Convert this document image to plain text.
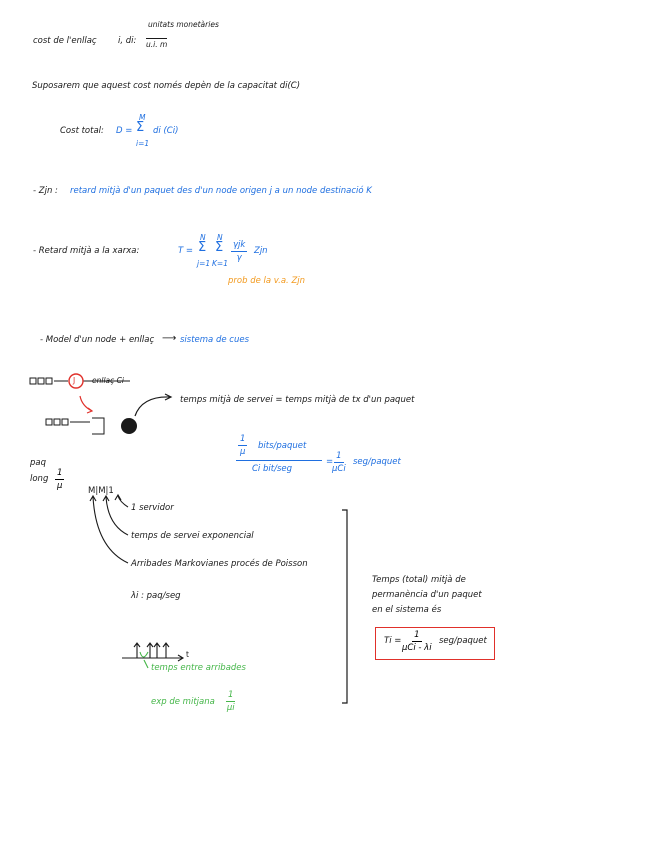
cost de l'enllaç	i, di:
unitats monetàries
u.i. m
Suposarem que aquest cost només depèn de la capacitat di(C)
Cost total: D =
M
Σ
i=1
di (Ci)
- Zjn : retard mitjà d'un paquet des d'un node origen j a un node destinació K
- Retard mitjà a la xarxa:	T =
N
Σ
j=1
N
Σ
K=1
γjk
γ
Zjn
prob de la v.a. Zjn
- Model d'un node + enllaç ⟶ sistema de cues
enllaç Ci
J
temps mitjà de servei = temps mitjà de tx d'un paquet
$\frac{1}{\mu}$ bits/paquet
Ci bit/seg
=
1
μCi
seg/paquet
paq
long $\frac{1}{\mu}$	M|M|1
1 servidor
temps de servei exponencial
Arribades Markovianes procés de Poisson
λi : paq/seg
t
temps entre arribades
exp de mitjana $\frac{1}{\mu i}$
Temps (total) mitjà de
permanència d'un paquet
en el sistema és
Ti =
1
μCi - λi
seg/paquet
